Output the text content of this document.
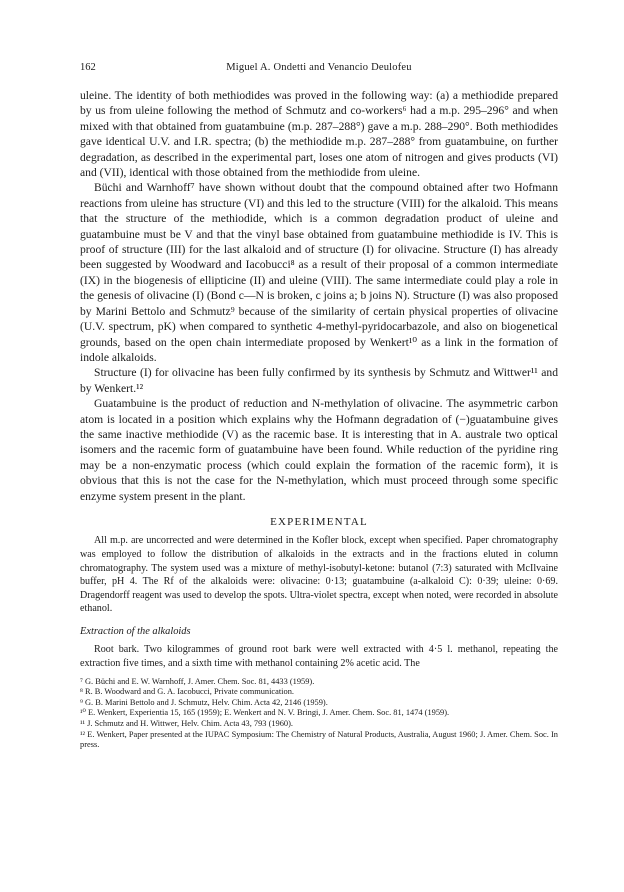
162	Miguel A. Ondetti and Venancio Deulofeu

uleine. The identity of both methiodides was proved in the following way: (a) a methiodide prepared by us from uleine following the method of Schmutz and co-workers⁶ had a m.p. 295–296° and when mixed with that obtained from guatambuine (m.p. 287–288°) gave a m.p. 288–290°. Both methiodides gave identical U.V. and I.R. spectra; (b) the methiodide m.p. 287–288° from guatambuine, on further degradation, as described in the experimental part, loses one atom of nitrogen and gives products (VI) and (VII), identical with those obtained from the methiodide from uleine.

Büchi and Warnhoff⁷ have shown without doubt that the compound obtained after two Hofmann reactions from uleine has structure (VI) and this led to the structure (VIII) for the alkaloid. This means that the structure of the methiodide, which is a common degradation product of uleine and guatambuine must be V and that the vinyl base obtained from guatambuine methiodide is IV. This is proof of structure (III) for the last alkaloid and of structure (I) for olivacine. Structure (I) has already been suggested by Woodward and Iacobucci⁸ as a result of their proposal of a common intermediate (IX) in the biogenesis of ellipticine (II) and uleine (VIII). The same intermediate could play a role in the genesis of olivacine (I) (Bond c—N is broken, c joins a; b joins N). Structure (I) was also proposed by Marini Bettolo and Schmutz⁹ because of the similarity of certain physical properties of olivacine (U.V. spectrum, pK) when compared to synthetic 4-methyl-pyridocarbazole, and also on biogenetical grounds, based on the open chain intermediate proposed by Wenkert¹⁰ as a link in the formation of indole alkaloids.

Structure (I) for olivacine has been fully confirmed by its synthesis by Schmutz and Wittwer¹¹ and by Wenkert.¹²

Guatambuine is the product of reduction and N-methylation of olivacine. The asymmetric carbon atom is located in a position which explains why the Hofmann degradation of (−)guatambuine gives the same inactive methiodide (V) as the racemic base. It is interesting that in A. australe two optical isomers and the racemic form of guatambuine have been found. While reduction of the pyridine ring may be a non-enzymatic process (which could explain the formation of the racemic form), it is obvious that this is not the case for the N-methylation, which must proceed through some specific enzyme system present in the plant.

EXPERIMENTAL

All m.p. are uncorrected and were determined in the Kofler block, except when specified. Paper chromatography was employed to follow the distribution of alkaloids in the extracts and in the fractions eluted in column chromatography. The system used was a mixture of methyl-isobutyl-ketone: butanol (7:3) saturated with McIlvaine buffer, pH 4. The Rf of the alkaloids were: olivacine: 0·13; guatambuine (a-alkaloid C): 0·39; uleine: 0·69. Dragendorff reagent was used to develop the spots. Ultra-violet spectra, except when noted, were recorded in absolute ethanol.

Extraction of the alkaloids

Root bark. Two kilogrammes of ground root bark were well extracted with 4·5 l. methanol, repeating the extraction five times, and a sixth time with methanol containing 2% acetic acid. The

⁷ G. Büchi and E. W. Warnhoff, J. Amer. Chem. Soc. 81, 4433 (1959).
⁸ R. B. Woodward and G. A. Iacobucci, Private communication.
⁹ G. B. Marini Bettolo and J. Schmutz, Helv. Chim. Acta 42, 2146 (1959).
¹⁰ E. Wenkert, Experientia 15, 165 (1959); E. Wenkert and N. V. Bringi, J. Amer. Chem. Soc. 81, 1474 (1959).
¹¹ J. Schmutz and H. Wittwer, Helv. Chim. Acta 43, 793 (1960).
¹² E. Wenkert, Paper presented at the IUPAC Symposium: The Chemistry of Natural Products, Australia, August 1960; J. Amer. Chem. Soc. In press.
